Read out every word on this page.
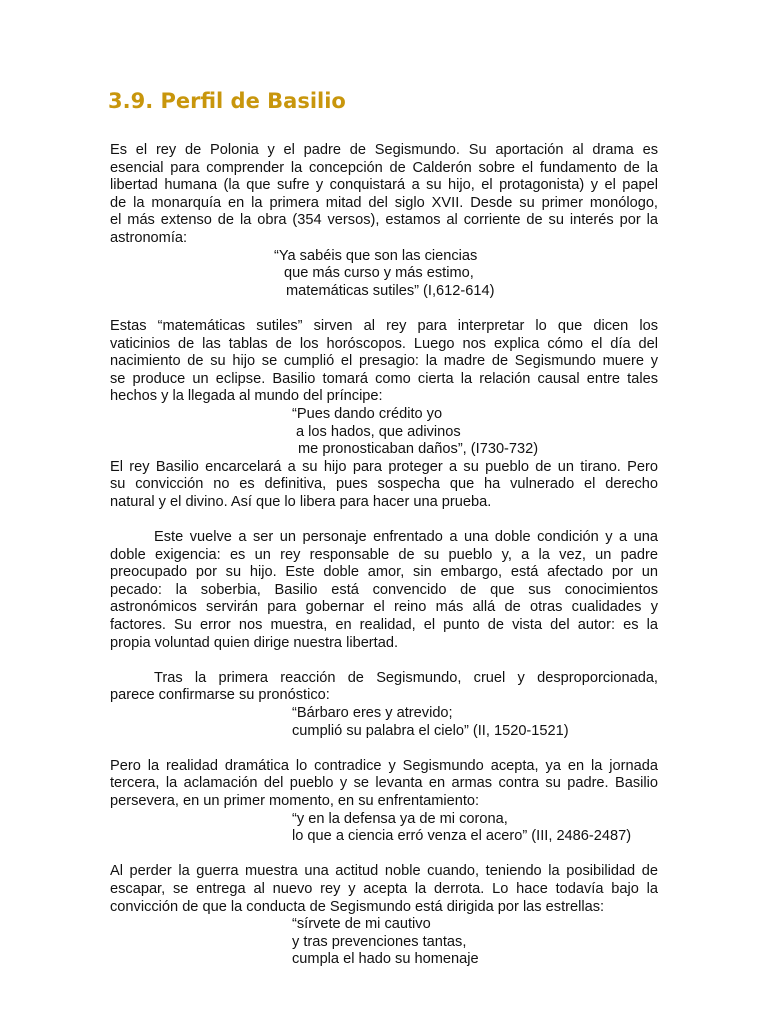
3.9. Perfil de Basilio
Es el rey de Polonia y el padre de Segismundo. Su aportación al drama es
esencial para comprender la concepción de Calderón sobre el fundamento de la
libertad humana (la que sufre y conquistará a su hijo, el protagonista) y el papel
de la monarquía en la primera mitad del siglo XVII. Desde su primer monólogo,
el más extenso de la obra (354 versos), estamos al corriente de su interés por la
astronomía:
“Ya sabéis que son las ciencias
que más curso y más estimo,
matemáticas sutiles” (I,612-614)
Estas “matemáticas sutiles” sirven al rey para interpretar lo que dicen los
vaticinios de las tablas de los horóscopos. Luego nos explica cómo el día del
nacimiento de su hijo se cumplió el presagio: la madre de Segismundo muere y
se produce un eclipse. Basilio tomará como cierta la relación causal entre tales
hechos y la llegada al mundo del príncipe:
“Pues dando crédito yo
a los hados, que adivinos
me pronosticaban daños”, (I730-732)
El rey Basilio encarcelará a su hijo para proteger a su pueblo de un tirano. Pero
su convicción no es definitiva, pues sospecha que ha vulnerado el derecho
natural y el divino. Así que lo libera para hacer una prueba.
Este vuelve a ser un personaje enfrentado a una doble condición y a una
doble exigencia: es un rey responsable de su pueblo y, a la vez, un padre
preocupado por su hijo. Este doble amor, sin embargo, está afectado por un
pecado: la soberbia, Basilio está convencido de que sus conocimientos
astronómicos servirán para gobernar el reino más allá de otras cualidades y
factores. Su error nos muestra, en realidad, el punto de vista del autor: es la
propia voluntad quien dirige nuestra libertad.
Tras la primera reacción de Segismundo, cruel y desproporcionada,
parece confirmarse su pronóstico:
“Bárbaro eres y atrevido;
cumplió su palabra el cielo” (II, 1520-1521)
Pero la realidad dramática lo contradice y Segismundo acepta, ya en la jornada
tercera, la aclamación del pueblo y se levanta en armas contra su padre. Basilio
persevera, en un primer momento, en su enfrentamiento:
“y en la defensa ya de mi corona,
lo que a ciencia erró venza el acero” (III, 2486-2487)
Al perder la guerra muestra una actitud noble cuando, teniendo la posibilidad de
escapar, se entrega al nuevo rey y acepta la derrota. Lo hace todavía bajo la
convicción de que la conducta de Segismundo está dirigida por las estrellas:
“sírvete de mi cautivo
y tras prevenciones tantas,
cumpla el hado su homenaje
